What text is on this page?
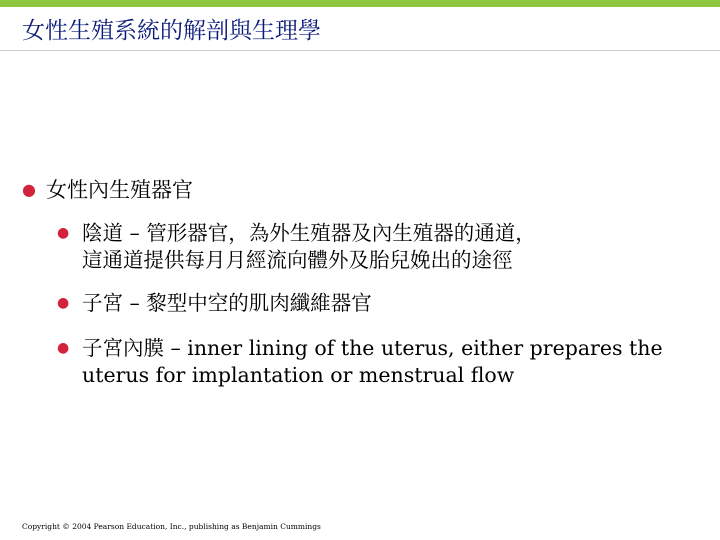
女性生殖系統的解剖與生理學
● 女性內生殖器官
● 陰道 – 管形器官，為外生殖器及內生殖器的通道，
這通道提供每月月經流向體外及胎兒娩出的途徑
● 子宮 – 黎型中空的肌肉纖維器官
● 子宮內膜 – inner lining of the uterus, either prepares the
uterus for implantation or menstrual flow
Copyright © 2004 Pearson Education, Inc., publishing as Benjamin Cummings
